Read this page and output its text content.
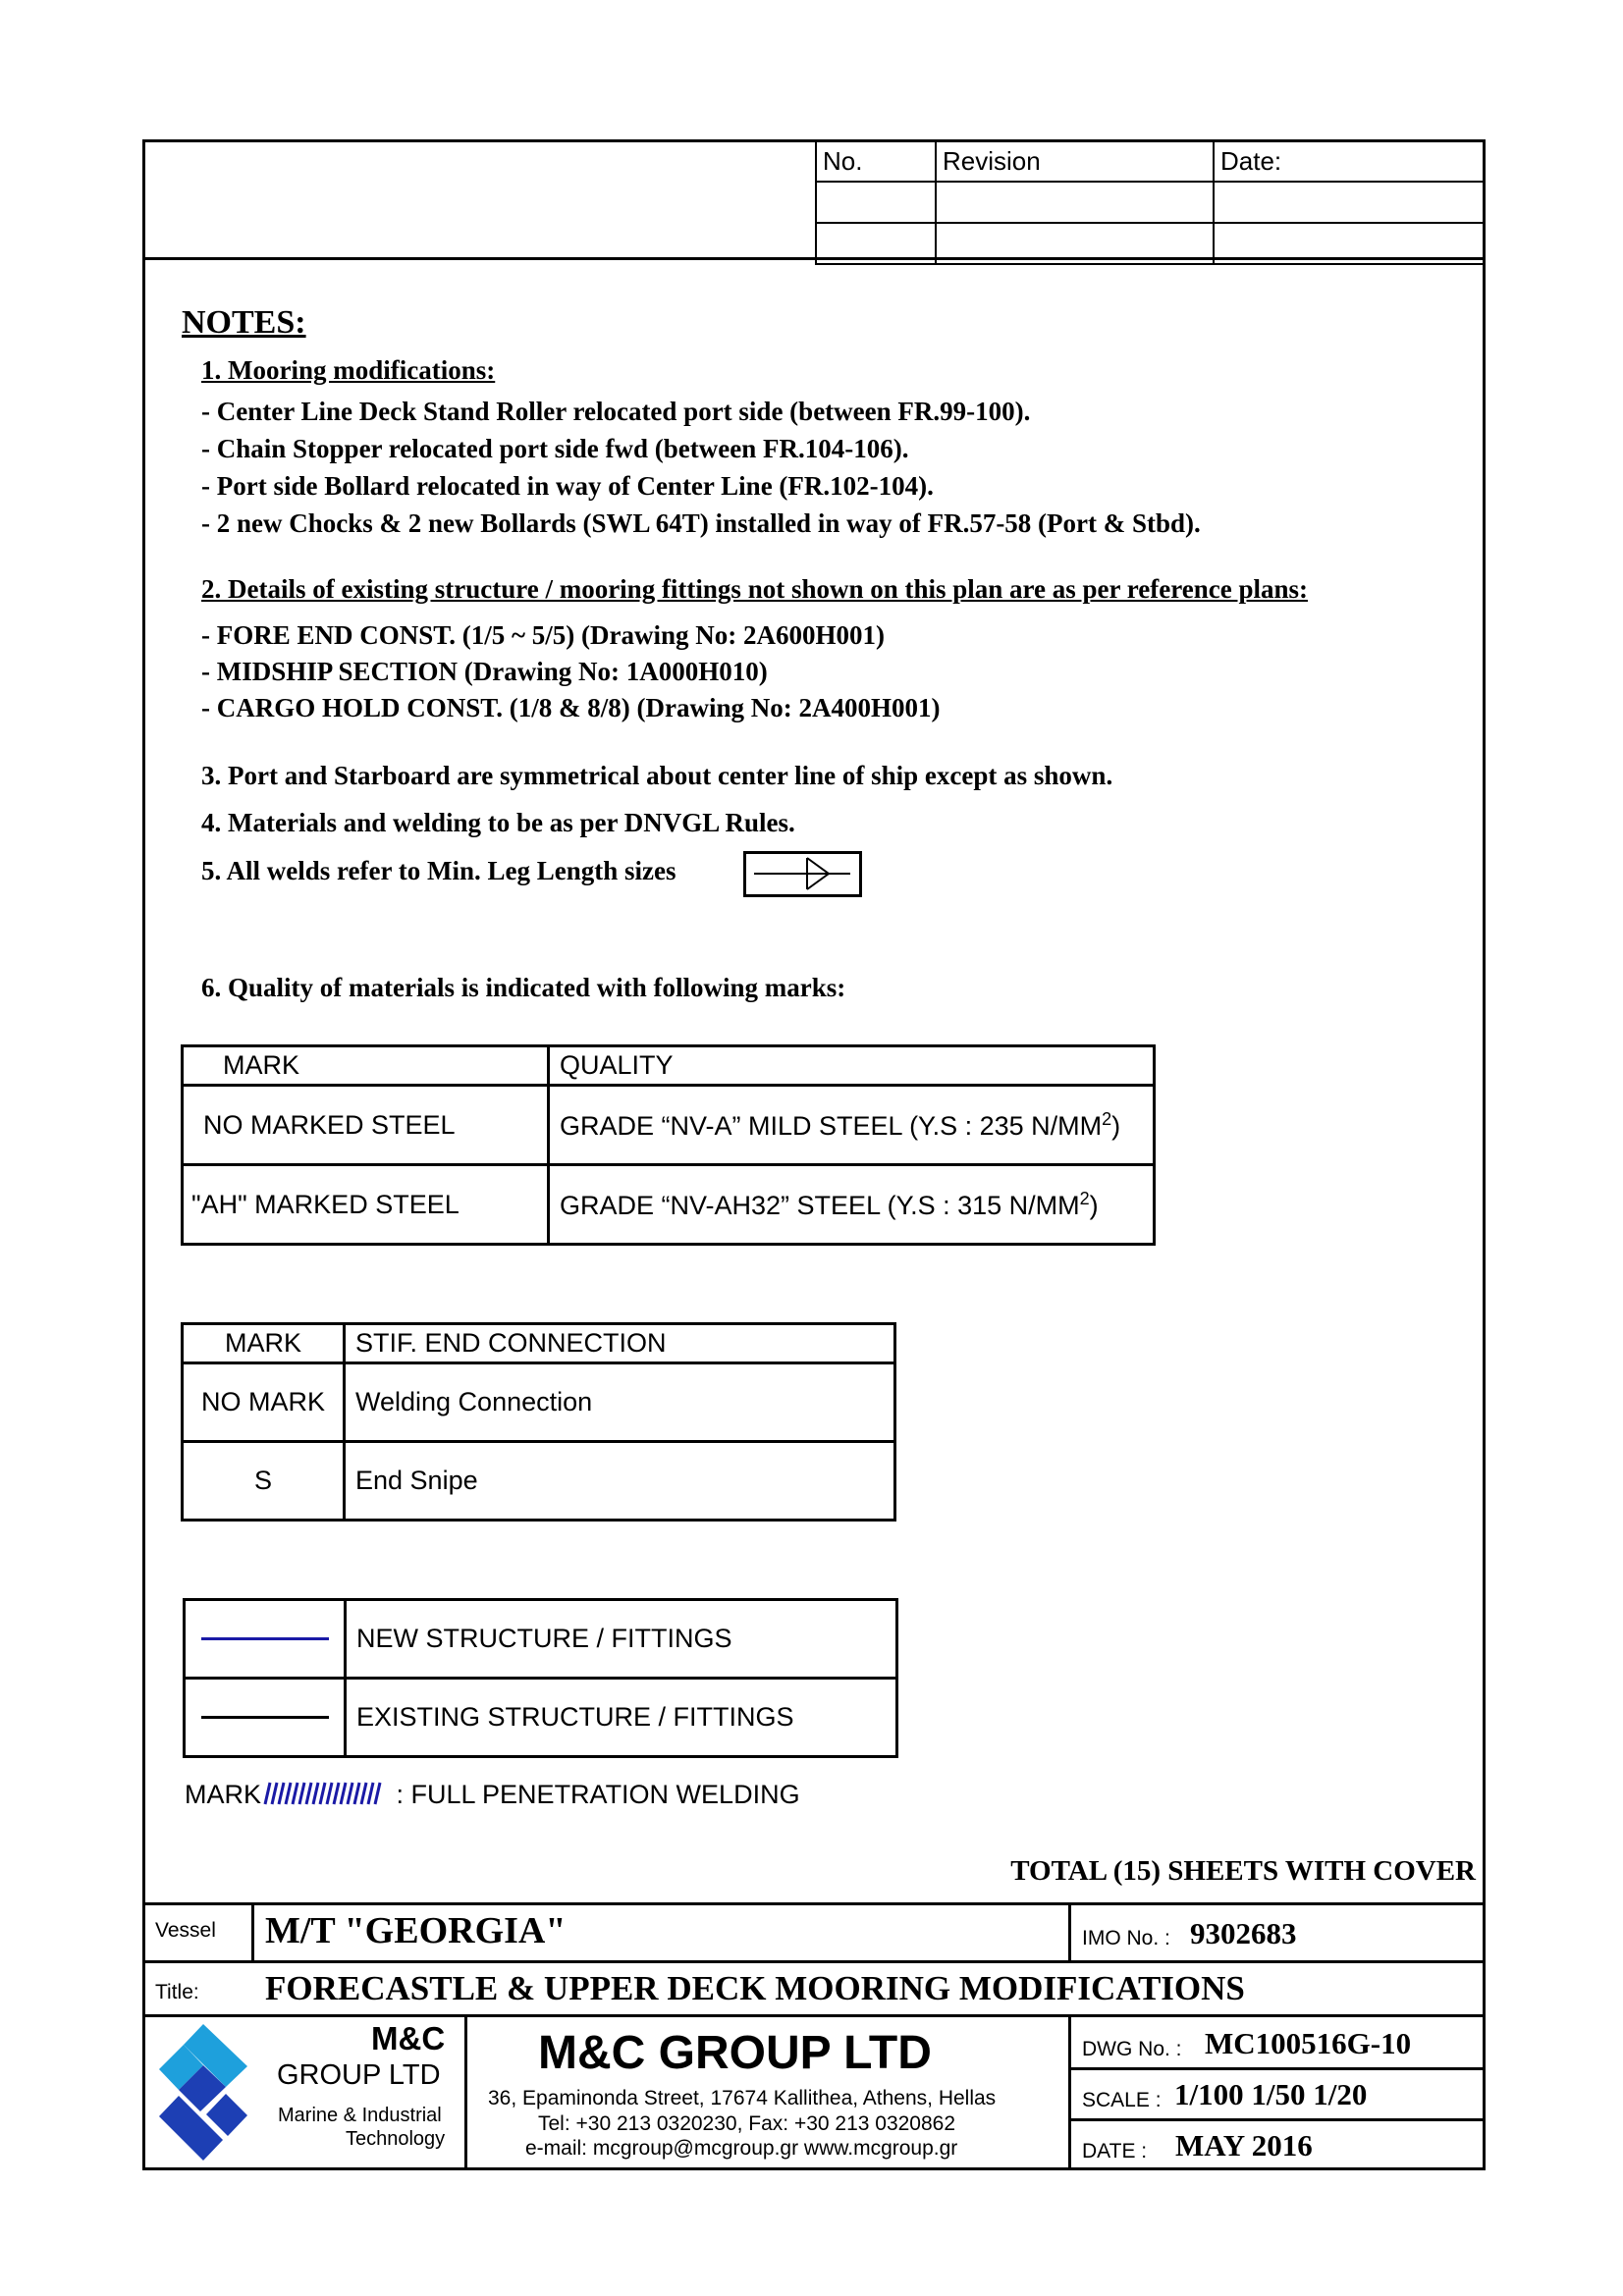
No.	Revision	Date:

NOTES:
1. Mooring modifications:
- Center Line Deck Stand Roller relocated port side (between FR.99-100).
- Chain Stopper relocated port side fwd (between FR.104-106).
- Port side Bollard relocated in way of Center Line (FR.102-104).
- 2 new Chocks & 2 new Bollards (SWL 64T) installed in way of FR.57-58 (Port & Stbd).
2. Details of existing structure / mooring fittings not shown on this plan are as per reference plans:
- FORE END CONST. (1/5 ~ 5/5) (Drawing No: 2A600H001)
- MIDSHIP SECTION (Drawing No: 1A000H010)
- CARGO HOLD CONST. (1/8 & 8/8) (Drawing No: 2A400H001)
3. Port and Starboard are symmetrical about center line of ship except as shown.
4. Materials and welding to be as per DNVGL Rules.
5. All welds refer to Min. Leg Length sizes
6. Quality of materials is indicated with following marks:
MARK	QUALITY
NO MARKED STEEL	GRADE “NV-A” MILD STEEL (Y.S : 235 $N/MM^2$)
"AH" MARKED STEEL	GRADE “NV-AH32” STEEL (Y.S : 315 $N/MM^2$)
MARK	STIF. END CONNECTION
NO MARK	Welding Connection
S	End Snipe
	NEW STRUCTURE / FITTINGS

	EXISTING STRUCTURE / FITTINGS
MARK	: FULL PENETRATION WELDING
TOTAL (15) SHEETS WITH COVER
Vessel M/T "GEORGIA"	IMO No. : 9302683
Title: FORECASTLE & UPPER DECK MOORING MODIFICATIONS
M&C
GROUP LTD
Marine & Industrial
Technology
M&C GROUP LTD
36, Epaminonda Street, 17674 Kallithea, Athens, Hellas
Tel: +30 213 0320230, Fax: +30 213 0320862
e-mail: mcgroup@mcgroup.gr www.mcgroup.gr
DWG No. : MC100516G-10
SCALE : 1/100 1/50 1/20
DATE : MAY 2016
